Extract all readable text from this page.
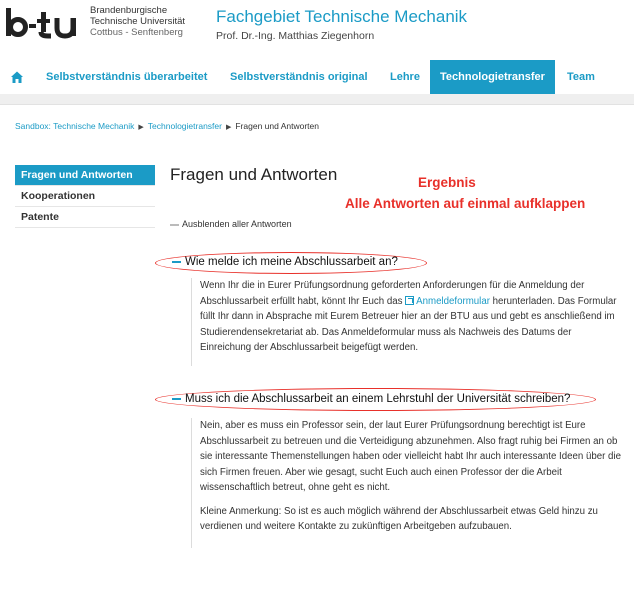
Brandenburgische
Technische Universität
Cottbus - Senftenberg
Fachgebiet Technische Mechanik
Prof. Dr.-Ing. Matthias Ziegenhorn
Selbstverständnis überarbeitet Selbstverständnis original Lehre	Technologietransfer	Team
Sandbox: Technische Mechanik ▶ Technologietransfer ▶ Fragen und Antworten
Fragen und Antworten
Kooperationen
Patente
Fragen und Antworten	Ergebnis
Alle Antworten auf einmal aufklappen
Ausblenden aller Antworten
Wie melde ich meine Abschlussarbeit an?

Wenn Ihr die in Eurer Prüfungsordnung geforderten Anforderungen für die Anmeldung der Abschlussarbeit erfüllt habt, könnt Ihr Euch das Anmeldeformular herunterladen. Das Formular füllt Ihr dann in Absprache mit Eurem Betreuer hier an der BTU aus und gebt es anschließend im Studierendensekretariat ab. Das Anmeldeformular muss als Nachweis des Datums der Einreichung der Abschlussarbeit beigefügt werden.

Muss ich die Abschlussarbeit an einem Lehrstuhl der Universität schreiben?

Nein, aber es muss ein Professor sein, der laut Eurer Prüfungsordnung berechtigt ist Eure Abschlussarbeit zu betreuen und die Verteidigung abzunehmen. Also fragt ruhig bei Firmen an ob sie interessante Themenstellungen haben oder vielleicht habt Ihr auch interessante Ideen über die sich Firmen freuen. Aber wie gesagt, sucht Euch auch einen Professor der die Arbeit wissenschaftlich betreut, ohne geht es nicht.

Kleine Anmerkung: So ist es auch möglich während der Abschlussarbeit etwas Geld hinzu zu verdienen und weitere Kontakte zu zukünftigen Arbeitgeben aufzubauen.
